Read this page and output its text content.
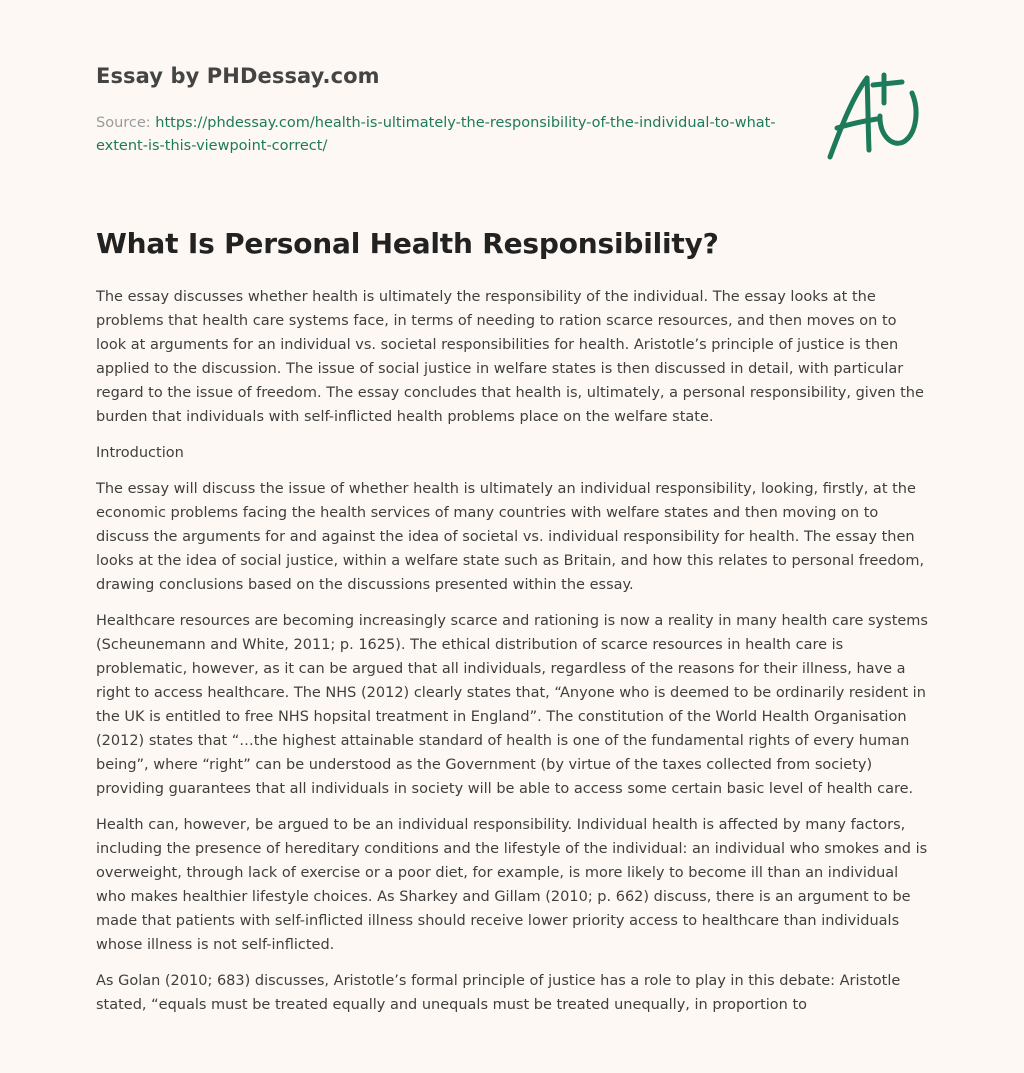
Essay by PHDessay.com
Source: https://phdessay.com/health-is-ultimately-the-responsibility-of-the-individual-to-what-extent-is-this-viewpoint-correct/
What Is Personal Health Responsibility?

The essay discusses whether health is ultimately the responsibility of the individual. The essay looks at the problems that health care systems face, in terms of needing to ration scarce resources, and then moves on to look at arguments for an individual vs. societal responsibilities for health. Aristotle’s principle of justice is then applied to the discussion. The issue of social justice in welfare states is then discussed in detail, with particular regard to the issue of freedom. The essay concludes that health is, ultimately, a personal responsibility, given the burden that individuals with self-inflicted health problems place on the welfare state.

Introduction

The essay will discuss the issue of whether health is ultimately an individual responsibility, looking, firstly, at the economic problems facing the health services of many countries with welfare states and then moving on to discuss the arguments for and against the idea of societal vs. individual responsibility for health. The essay then looks at the idea of social justice, within a welfare state such as Britain, and how this relates to personal freedom, drawing conclusions based on the discussions presented within the essay.

Healthcare resources are becoming increasingly scarce and rationing is now a reality in many health care systems (Scheunemann and White, 2011; p. 1625). The ethical distribution of scarce resources in health care is problematic, however, as it can be argued that all individuals, regardless of the reasons for their illness, have a right to access healthcare. The NHS (2012) clearly states that, “Anyone who is deemed to be ordinarily resident in the UK is entitled to free NHS hopsital treatment in England”. The constitution of the World Health Organisation (2012) states that “…the highest attainable standard of health is one of the fundamental rights of every human being”, where “right” can be understood as the Government (by virtue of the taxes collected from society) providing guarantees that all individuals in society will be able to access some certain basic level of health care.

Health can, however, be argued to be an individual responsibility. Individual health is affected by many factors, including the presence of hereditary conditions and the lifestyle of the individual: an individual who smokes and is overweight, through lack of exercise or a poor diet, for example, is more likely to become ill than an individual who makes healthier lifestyle choices. As Sharkey and Gillam (2010; p. 662) discuss, there is an argument to be made that patients with self-inflicted illness should receive lower priority access to healthcare than individuals whose illness is not self-inflicted.

As Golan (2010; 683) discusses, Aristotle’s formal principle of justice has a role to play in this debate: Aristotle stated, “equals must be treated equally and unequals must be treated unequally, in proportion to
